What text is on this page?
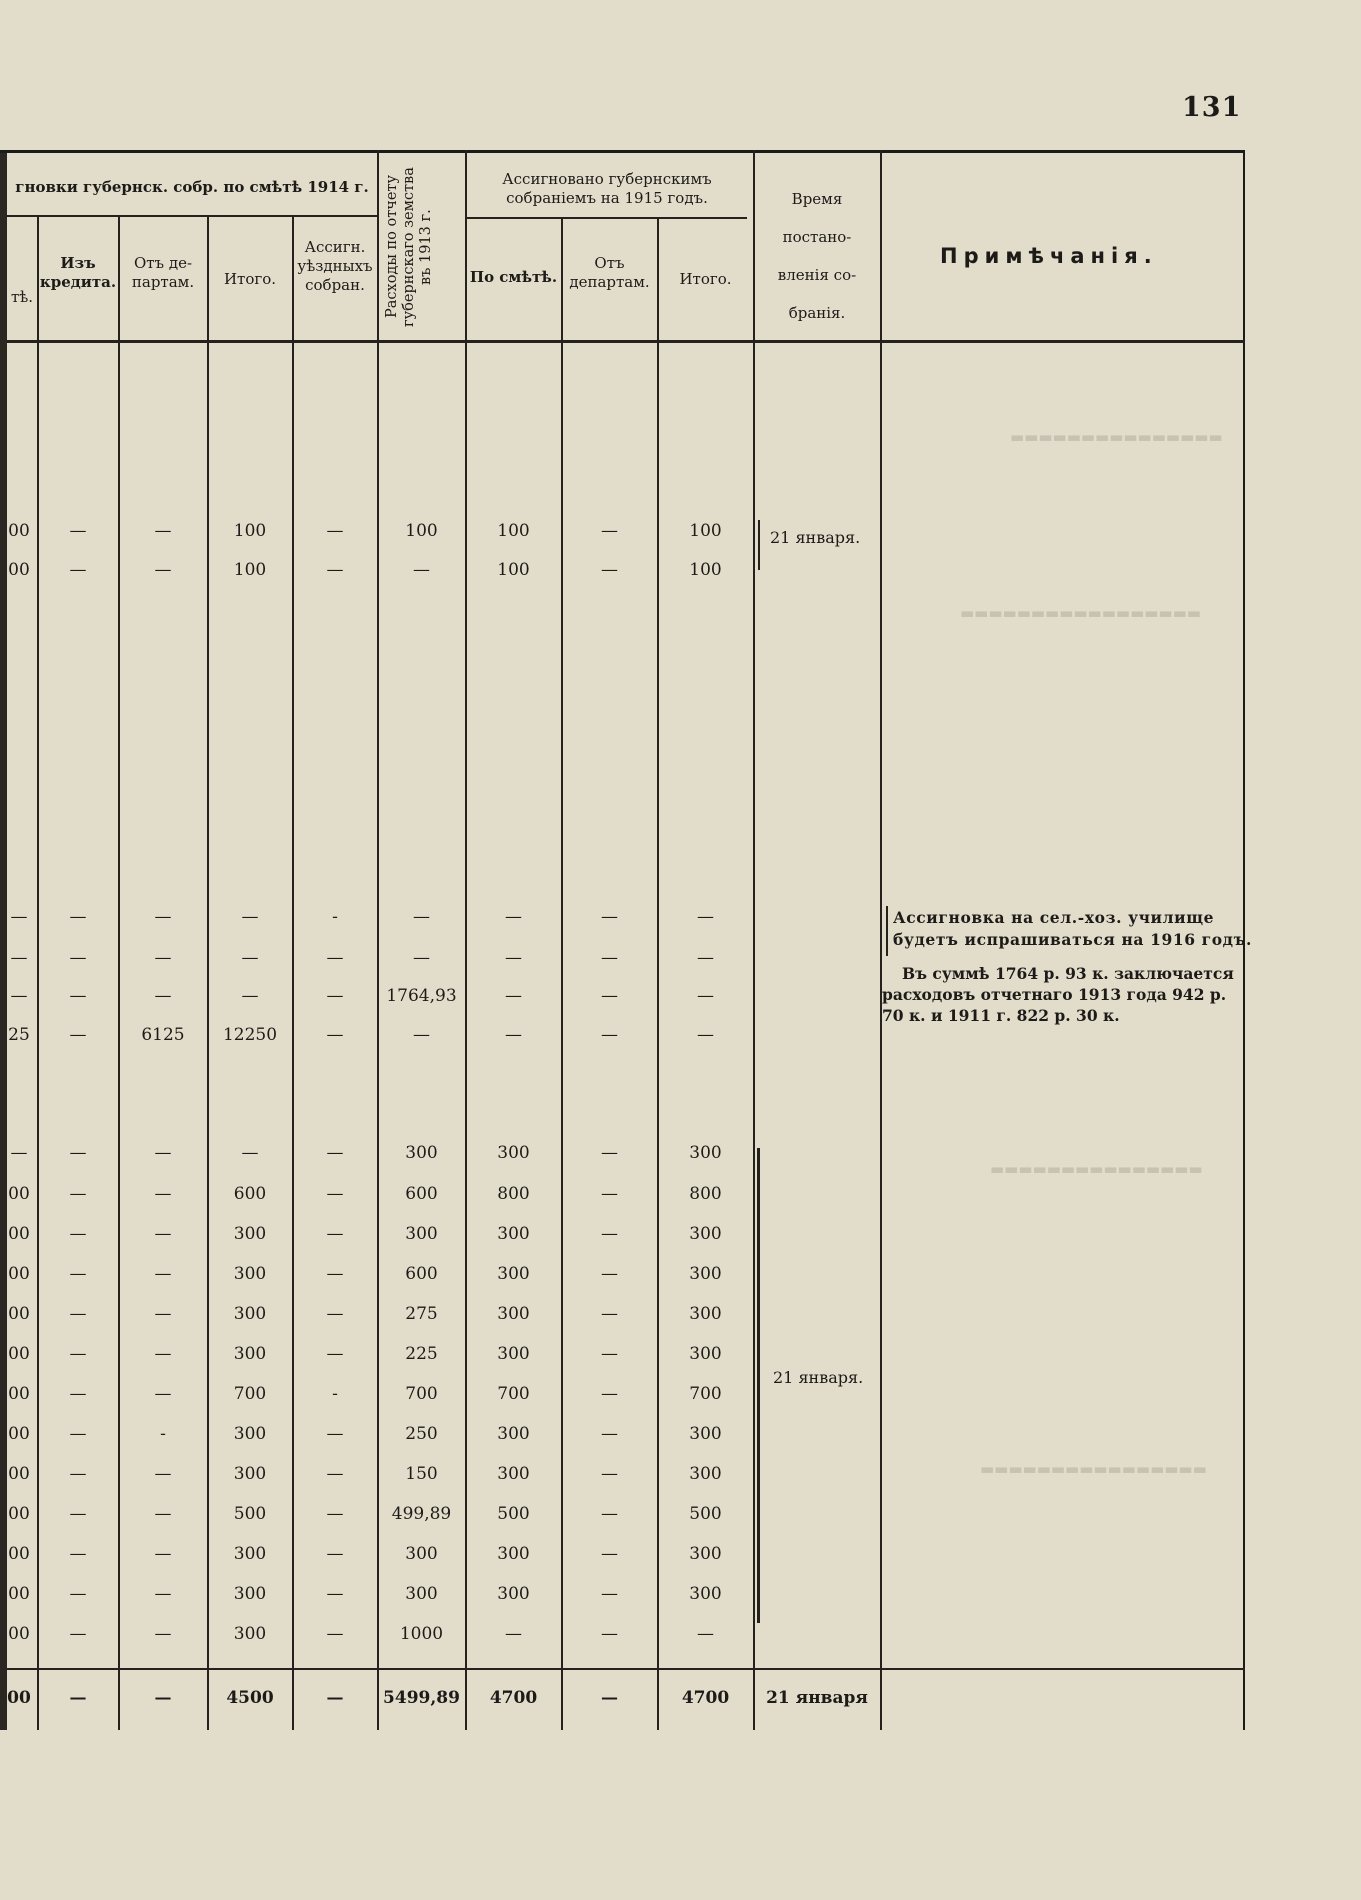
131
гновки губернск. собр. по смѣтѣ 1914 г.
тѣ.
Изъ кредита.
Отъ де-партам.	Итого.
Ассигн. уѣздныхъ собран.	Расходы по отчету губернскаго земства въ 1913 г.
Ассигновано губернскимъ собраніемъ на 1915 годъ.
По смѣтѣ.
Отъ департам.	Итого.
Время постано-вленія со-бранія.
Примѣчанія.
▬▬▬▬▬▬▬▬▬▬▬▬▬▬▬
▬▬▬▬▬▬▬▬▬▬▬▬▬▬▬▬▬
▬▬▬▬▬▬▬▬▬▬▬▬▬▬▬
▬▬▬▬▬▬▬▬▬▬▬▬▬▬▬▬
00	—	—	100	—	100	100	—	100
00	—	—	100	—	—	100	—	100
—	—	—	—	-	—	—	—	—
—	—	—	—	—	—	—	—	—
—	—	—	—	—	1764,93	—	—	—
25	—	6125	12250	—	—	—	—	—
—	—	—	—	—	300	300	—	300
00	—	—	600	—	600	800	—	800
00	—	—	300	—	300	300	—	300
00	—	—	300	—	600	300	—	300
00	—	—	300	—	275	300	—	300
00	—	—	300	—	225	300	—	300
00	—	—	700	-	700	700	—	700
00	—	-	300	—	250	300	—	300
00	—	—	300	—	150	300	—	300
00	—	—	500	—	499,89	500	—	500
00	—	—	300	—	300	300	—	300
00	—	—	300	—	300	300	—	300
00	—	—	300	—	1000	—	—	—
21 января.
21 января.
Ассигновка на сел.-хоз. училище
будетъ испрашиваться на 1916 годъ.
Въ суммѣ 1764 р. 93 к. заключается
расходовъ отчетнаго 1913 года 942 р.
70 к. и 1911 г. 822 р. 30 к.
00	—	—	4500	—	5499,89	4700	—	4700	21 января
